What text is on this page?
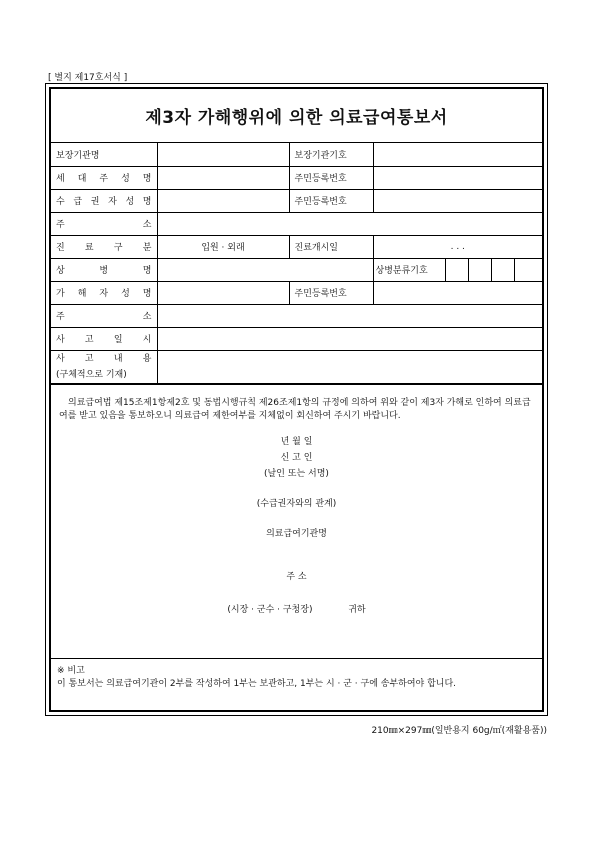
[ 별지 제17호서식 ]
제3자 가해행위에 의한 의료급여통보서
보장기관명		보장기관기호					
세 대 주 성 명		주민등록번호					
수 급 권 자 성 명		주민등록번호					
주 소							
진 료 구 분	입원 · 외래	진료개시일	. . .				
상 병 명			상병분류기호				
가 해 자 성 명		주민등록번호					
주 소							
사 고 일 시							

사 고 내 용
(구체적으로 기재)							

　의료급여법 제15조제1항제2호 및 동법시행규칙 제26조제1항의 규정에 의하여 위와 같이 제3자 가해로 인하여 의료급여를 받고 있음을 통보하오니 의료급여 제한여부를 지체없이 회신하여 주시기 바랍니다.
년 월 일
신 고 인
(날인 또는 서명)
(수급권자와의 관계)
의료급여기관명
주 소
(시장 · 군수 · 구청장)	귀하
※ 비고
이 통보서는 의료급여기관이 2부를 작성하여 1부는 보관하고, 1부는 시 · 군 · 구에 송부하여야 합니다.
210㎜×297㎜(일반용지 60g/㎡(재활용품))
